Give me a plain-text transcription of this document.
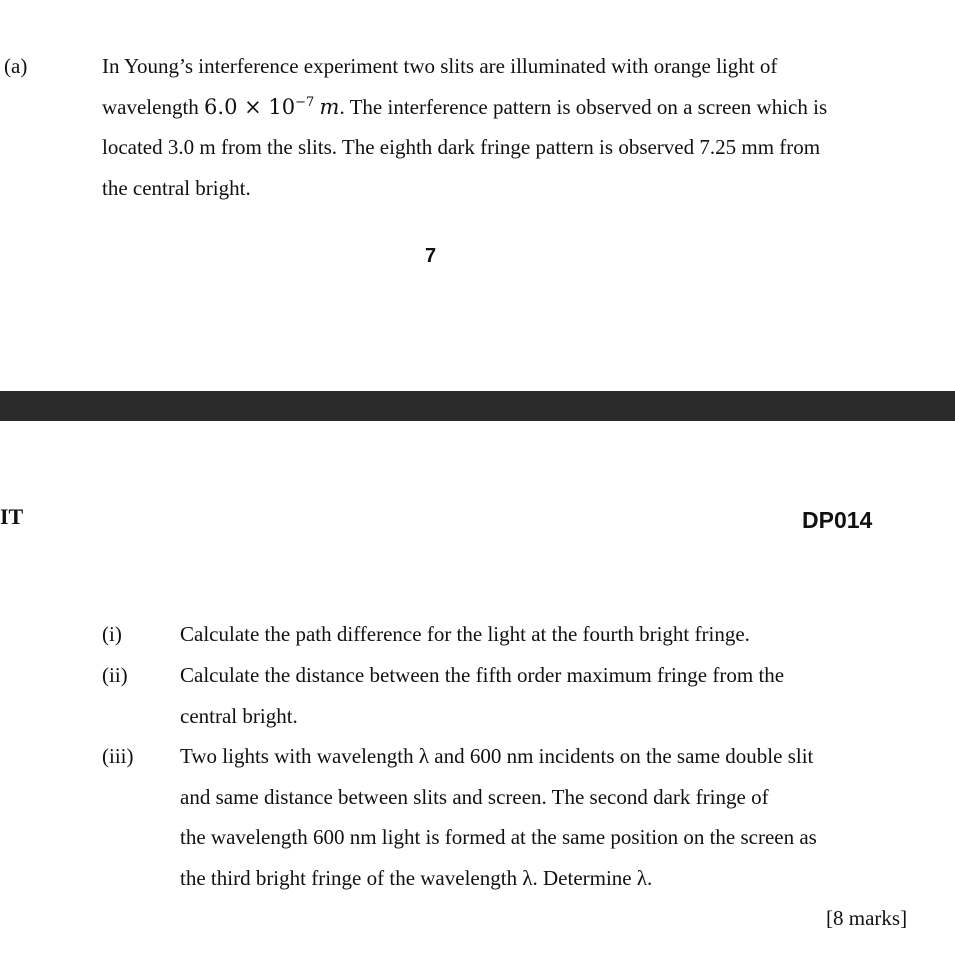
(a)	In Young’s interference experiment two slits are illuminated with orange light of
wavelength $6.0 \times 10^{-7}$ m. The interference pattern is observed on a screen which is
located 3.0 m from the slits. The eighth dark fringe pattern is observed 7.25 mm from
the central bright.
7
IT	DP014
(i)	Calculate the path difference for the light at the fourth bright fringe.
(ii) Calculate the distance between the fifth order maximum fringe from the
central bright.
(iii) Two lights with wavelength λ and 600 nm incidents on the same double slit
and same distance between slits and screen. The second dark fringe of
the wavelength 600 nm light is formed at the same position on the screen as
the third bright fringe of the wavelength λ. Determine λ.
[8 marks]
